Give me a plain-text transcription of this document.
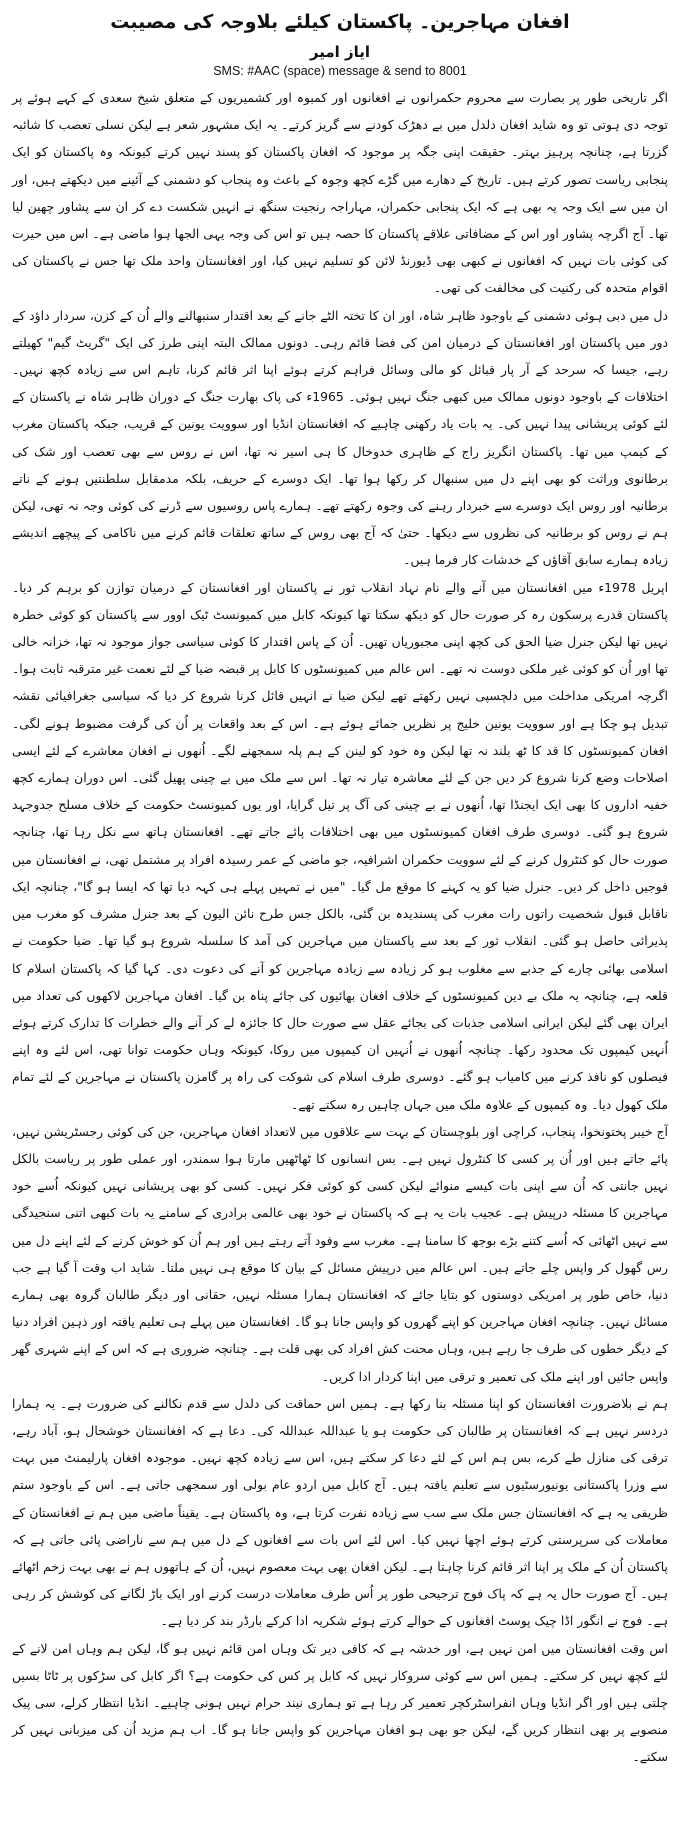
افغان مہاجرین۔ پاکستان کیلئے بلاوجہ کی مصیبت
ایاز امیر
SMS: #AAC (space) message & send to 8001

اگر تاریخی طور پر بصارت سے محروم حکمرانوں نے افغانوں اور کمبوہ اور کشمیریوں کے متعلق شیخ سعدی کے کہے ہوئے پر توجہ دی ہوتی تو وہ شاید افغان دلدل میں بے دھڑک کودنے سے گریز کرتے۔ یہ ایک مشہور شعر ہے لیکن نسلی تعصب کا شائبہ گزرتا ہے، چنانچہ پرہیز بہتر۔ حقیقت اپنی جگہ پر موجود کہ افغان پاکستان کو پسند نہیں کرتے کیونکہ وہ پاکستان کو ایک پنجابی ریاست تصور کرتے ہیں۔ تاریخ کے دھارے میں گڑے کچھ وجوہ کے باعث وہ پنجاب کو دشمنی کے آئینے میں دیکھتے ہیں، اور ان میں سے ایک وجہ یہ بھی ہے کہ ایک پنجابی حکمران، مہاراجہ رنجیت سنگھ نے انہیں شکست دے کر ان سے پشاور چھین لیا تھا۔ آج اگرچہ پشاور اور اس کے مضافاتی علاقے پاکستان کا حصہ ہیں تو اس کی وجہ یہی الجھا ہوا ماضی ہے۔ اس میں حیرت کی کوئی بات نہیں کہ افغانوں نے کبھی بھی ڈیورنڈ لائن کو تسلیم نہیں کیا، اور افغانستان واحد ملک تھا جس نے پاکستان کی اقوام متحدہ کی رکنیت کی مخالفت کی تھی۔

دل میں دبی ہوئی دشمنی کے باوجود ظاہر شاہ، اور ان کا تختہ الٹے جانے کے بعد اقتدار سنبھالنے والے اُن کے کزن، سردار داؤد کے دور میں پاکستان اور افغانستان کے درمیان امن کی فضا قائم رہی۔ دونوں ممالک البتہ اپنی طرز کی ایک "گریٹ گیم" کھیلتے رہے، جیسا کہ سرحد کے آر پار قبائل کو مالی وسائل فراہم کرتے ہوئے اپنا اثر قائم کرنا، تاہم اس سے زیادہ کچھ نہیں۔ اختلافات کے باوجود دونوں ممالک میں کبھی جنگ نہیں ہوئی۔ 1965ء کی پاک بھارت جنگ کے دوران ظاہر شاہ نے پاکستان کے لئے کوئی پریشانی پیدا نہیں کی۔ یہ بات یاد رکھنی چاہیے کہ افغانستان انڈیا اور سوویت یونین کے قریب، جبکہ پاکستان مغرب کے کیمپ میں تھا۔ پاکستان انگریز راج کے ظاہری خدوخال کا ہی اسیر نہ تھا، اس نے روس سے بھی تعصب اور شک کی برطانوی وراثت کو بھی اپنے دل میں سنبھال کر رکھا ہوا تھا۔ ایک دوسرے کے حریف، بلکہ مدمقابل سلطنتیں ہونے کے ناتے برطانیہ اور روس ایک دوسرے سے خبردار رہنے کی وجوہ رکھتے تھے۔ ہمارے پاس روسیوں سے ڈرنے کی کوئی وجہ نہ تھی، لیکن ہم نے روس کو برطانیہ کی نظروں سے دیکھا۔ حتیٰ کہ آج بھی روس کے ساتھ تعلقات قائم کرنے میں ناکامی کے پیچھے اندیشے زیادہ ہمارے سابق آقاؤں کے خدشات کار فرما ہیں۔

اپریل 1978ء میں افغانستان میں آنے والے نام نہاد انقلاب ثور نے پاکستان اور افغانستان کے درمیان توازن کو برہم کر دیا۔ پاکستان قدرے پرسکون رہ کر صورت حال کو دیکھ سکتا تھا کیونکہ کابل میں کمیونسٹ ٹیک اوور سے پاکستان کو کوئی خطرہ نہیں تھا لیکن جنرل ضیا الحق کی کچھ اپنی مجبوریاں تھیں۔ اُن کے پاس اقتدار کا کوئی سیاسی جواز موجود نہ تھا، خزانہ خالی تھا اور اُن کو کوئی غیر ملکی دوست نہ تھے۔ اس عالم میں کمیونسٹوں کا کابل پر قبضہ ضیا کے لئے نعمت غیر مترقبہ ثابت ہوا۔ اگرچہ امریکی مداخلت میں دلچسپی نہیں رکھتے تھے لیکن ضیا نے انہیں قائل کرنا شروع کر دیا کہ سیاسی جغرافیائی نقشہ تبدیل ہو چکا ہے اور سوویت یونین خلیج پر نظریں جمائے ہوئے ہے۔ اس کے بعد واقعات پر اُن کی گرفت مضبوط ہونے لگی۔ افغان کمیونسٹوں کا قد کا ٹھ بلند نہ تھا لیکن وہ خود کو لینن کے ہم پلہ سمجھنے لگے۔ اُنھوں نے افغان معاشرے کے لئے ایسی اصلاحات وضع کرنا شروع کر دیں جن کے لئے معاشرہ تیار نہ تھا۔ اس سے ملک میں بے چینی پھیل گئی۔ اس دوران ہمارے کچھ خفیہ اداروں کا بھی ایک ایجنڈا تھا، اُنھوں نے بے چینی کی آگ پر تیل گرایا، اور یوں کمیونسٹ حکومت کے خلاف مسلح جدوجہد شروع ہو گئی۔ دوسری طرف افغان کمیونسٹوں میں بھی اختلافات پائے جاتے تھے۔ افغانستان ہاتھ سے نکل رہا تھا، چنانچہ صورت حال کو کنٹرول کرنے کے لئے سوویت حکمران اشرافیہ، جو ماضی کے عمر رسیدہ افراد پر مشتمل تھی، نے افغانستان میں فوجیں داخل کر دیں۔ جنرل ضیا کو یہ کہنے کا موقع مل گیا۔ "میں نے تمہیں پہلے ہی کہہ دیا تھا کہ ایسا ہو گا"، چنانچہ ایک ناقابل قبول شخصیت راتوں رات مغرب کی پسندیدہ بن گئی، بالکل جس طرح نائن الیون کے بعد جنرل مشرف کو مغرب میں پذیرائی حاصل ہو گئی۔ انقلاب ثور کے بعد سے پاکستان میں مہاجرین کی آمد کا سلسلہ شروع ہو گیا تھا۔ ضیا حکومت نے اسلامی بھائی چارے کے جذبے سے مغلوب ہو کر زیادہ سے زیادہ مہاجرین کو آنے کی دعوت دی۔ کہا گیا کہ پاکستان اسلام کا قلعہ ہے، چنانچہ یہ ملک بے دین کمیونسٹوں کے خلاف افغان بھائیوں کی جائے پناہ بن گیا۔ افغان مہاجرین لاکھوں کی تعداد میں ایران بھی گئے لیکن ایرانی اسلامی جذبات کی بجائے عقل سے صورت حال کا جائزہ لے کر آنے والے خطرات کا تدارک کرتے ہوئے اُنہیں کیمپوں تک محدود رکھا۔ چنانچہ اُنھوں نے اُنہیں ان کیمپوں میں روکا، کیونکہ وہاں حکومت توانا تھی، اس لئے وہ اپنے فیصلوں کو نافذ کرنے میں کامیاب ہو گئے۔ دوسری طرف اسلام کی شوکت کی راہ پر گامزن پاکستان نے مہاجرین کے لئے تمام ملک کھول دیا۔ وہ کیمپوں کے علاوہ ملک میں جہاں چاہیں رہ سکتے تھے۔

آج خیبر پختونخوا، پنجاب، کراچی اور بلوچستان کے بہت سے علاقوں میں لاتعداد افغان مہاجرین، جن کی کوئی رجسٹریشن نہیں، پائے جاتے ہیں اور اُن پر کسی کا کنٹرول نہیں ہے۔ بس انسانوں کا ٹھاٹھیں مارتا ہوا سمندر، اور عملی طور پر ریاست بالکل نہیں جانتی کہ اُن سے اپنی بات کیسے منوائے لیکن کسی کو کوئی فکر نہیں۔ کسی کو بھی پریشانی نہیں کیونکہ اُسے خود مہاجرین کا مسئلہ درپیش ہے۔ عجیب بات یہ ہے کہ پاکستان نے خود بھی عالمی برادری کے سامنے یہ بات کبھی اتنی سنجیدگی سے نہیں اٹھائی کہ اُسے کتنے بڑے بوجھ کا سامنا ہے۔ مغرب سے وفود آتے رہتے ہیں اور ہم اُن کو خوش کرنے کے لئے اپنے دل میں رس گھول کر واپس چلے جاتے ہیں۔ اس عالم میں درپیش مسائل کے بیان کا موقع ہی نہیں ملتا۔ شاید اب وقت آ گیا ہے جب دنیا، خاص طور پر امریکی دوستوں کو بتایا جائے کہ افغانستان ہمارا مسئلہ نہیں، حقانی اور دیگر طالبان گروہ بھی ہمارے مسائل نہیں۔ چنانچہ افغان مہاجرین کو اپنے گھروں کو واپس جانا ہو گا۔ افغانستان میں پہلے ہی تعلیم یافتہ اور ذہین افراد دنیا کے دیگر خطوں کی طرف جا رہے ہیں، وہاں محنت کش افراد کی بھی قلت ہے۔ چنانچہ ضروری ہے کہ اس کے اپنے شہری گھر واپس جائیں اور اپنے ملک کی تعمیر و ترقی میں اپنا کردار ادا کریں۔

ہم نے بلاضرورت افغانستان کو اپنا مسئلہ بنا رکھا ہے۔ ہمیں اس حماقت کی دلدل سے قدم نکالنے کی ضرورت ہے۔ یہ ہمارا دردسر نہیں ہے کہ افغانستان پر طالبان کی حکومت ہو یا عبداللہ عبداللہ کی۔ دعا ہے کہ افغانستان خوشحال ہو، آباد رہے، ترقی کی منازل طے کرے، بس ہم اس کے لئے دعا کر سکتے ہیں، اس سے زیادہ کچھ نہیں۔ موجودہ افغان پارلیمنٹ میں بہت سے وزرا پاکستانی یونیورسٹیوں سے تعلیم یافتہ ہیں۔ آج کابل میں اردو عام بولی اور سمجھی جاتی ہے۔ اس کے باوجود ستم ظریفی یہ ہے کہ افغانستان جس ملک سے سب سے زیادہ نفرت کرتا ہے، وہ پاکستان ہے۔ یقیناً ماضی میں ہم نے افغانستان کے معاملات کی سرپرستی کرتے ہوئے اچھا نہیں کیا۔ اس لئے اس بات سے افغانوں کے دل میں ہم سے ناراضی پائی جاتی ہے کہ پاکستان اُن کے ملک پر اپنا اثر قائم کرنا چاہتا ہے۔ لیکن افغان بھی بہت معصوم نہیں، اُن کے ہاتھوں ہم نے بھی بہت زخم اٹھائے ہیں۔ آج صورت حال یہ ہے کہ پاک فوج ترجیحی طور پر اُس طرف معاملات درست کرنے اور ایک باڑ لگانے کی کوشش کر رہی ہے۔ فوج نے انگور اڈا چیک پوسٹ افغانوں کے حوالے کرتے ہوئے شکریہ ادا کرکے بارڈر بند کر دیا ہے۔

اس وقت افغانستان میں امن نہیں ہے، اور خدشہ ہے کہ کافی دیر تک وہاں امن قائم نہیں ہو گا، لیکن ہم وہاں امن لانے کے لئے کچھ نہیں کر سکتے۔ ہمیں اس سے کوئی سروکار نہیں کہ کابل پر کس کی حکومت ہے؟ اگر کابل کی سڑکوں پر ٹاٹا بسیں چلتی ہیں اور اگر انڈیا وہاں انفراسٹرکچر تعمیر کر رہا ہے تو ہماری نیند حرام نہیں ہونی چاہیے۔ انڈیا انتظار کرلے، سی پیک منصوبے پر بھی انتظار کریں گے، لیکن جو بھی ہو افغان مہاجرین کو واپس جانا ہو گا۔ اب ہم مزید اُن کی میزبانی نہیں کر سکتے۔
